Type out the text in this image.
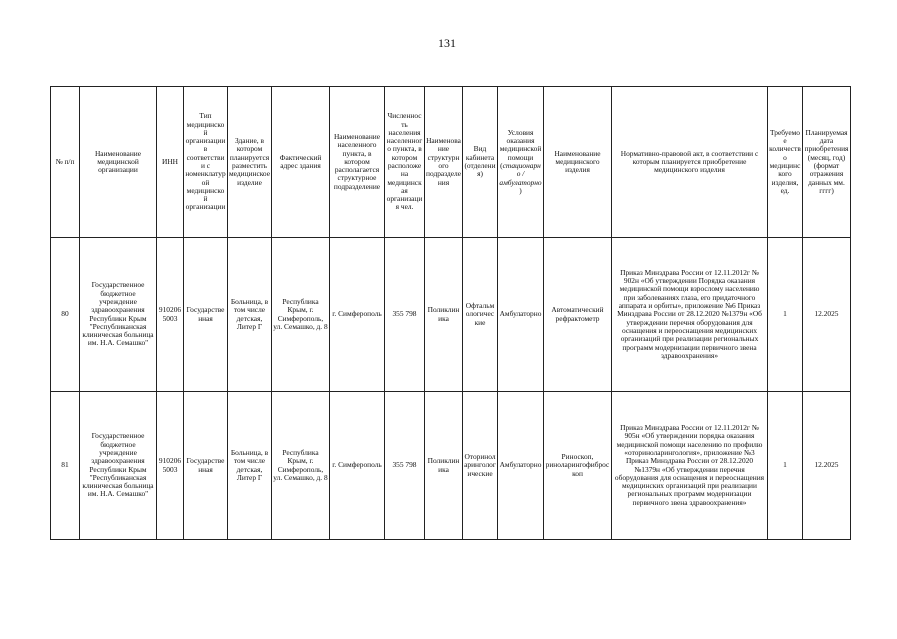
131
№ п/п	Наименование медицинской организации	ИНН	Тип медицинской организации в соответствии с номенклатурой медицинской организации	Здание, в котором планируется разместить медицинское изделие	Фактический адрес здания	Наименование населенного пункта, в котором располагается структурное подразделение	Численность населения населенного пункта, в котором расположена медицинская организация чел.	Наименование структурного подразделения	Вид кабинета (отделения)	Условия оказания медицинской помощи (стационарно / амбулаторно)	Наименование медицинского изделия	Нормативно-правовой акт, в соответствии с которым планируется приобретение медицинского изделия	Требуемое количество медицинского изделия, ед.	Планируемая дата приобретения (месяц, год) (формат отражения данных мм. гггг)
80	Государственное бюджетное учреждение здравоохранения Республики Крым "Республиканская клиническая больница им. Н.А. Семашко"	9102065003	Государственная	Больница, в том числе детская, Литер Г	Республика Крым, г. Симферополь, ул. Семашко, д. 8	г. Симферополь	355 798	Поликлиника	Офтальмологические	Амбулаторно	Автоматический рефрактометр	Приказ Минздрава России от 12.11.2012г № 902н «Об утверждении Порядка оказания медицинской помощи взрослому населению при заболеваниях глаза, его придаточного аппарата и орбиты», приложение №6 Приказ Минздрава России от 28.12.2020 №1379н «Об утверждении перечня оборудования для оснащения и переоснащения медицинских организаций при реализации региональных программ модернизации первичного звена здравоохранения»	1	12.2025
81	Государственное бюджетное учреждение здравоохранения Республики Крым "Республиканская клиническая больница им. Н.А. Семашко"	9102065003	Государственная	Больница, в том числе детская, Литер Г	Республика Крым, г. Симферополь, ул. Семашко, д. 8	г. Симферополь	355 798	Поликлиника	Оториноларингологические	Амбулаторно	Риноскоп, риноларингофиброскоп	Приказ Минздрава России от 12.11.2012г № 905н «Об утверждении порядка оказания медицинской помощи населению по профилю «оториноларингология», приложение №3 Приказ Минздрава России от 28.12.2020 №1379н «Об утверждении перечня оборудования для оснащения и переоснащения медицинских организаций при реализации региональных программ модернизации первичного звена здравоохранения»	1	12.2025
